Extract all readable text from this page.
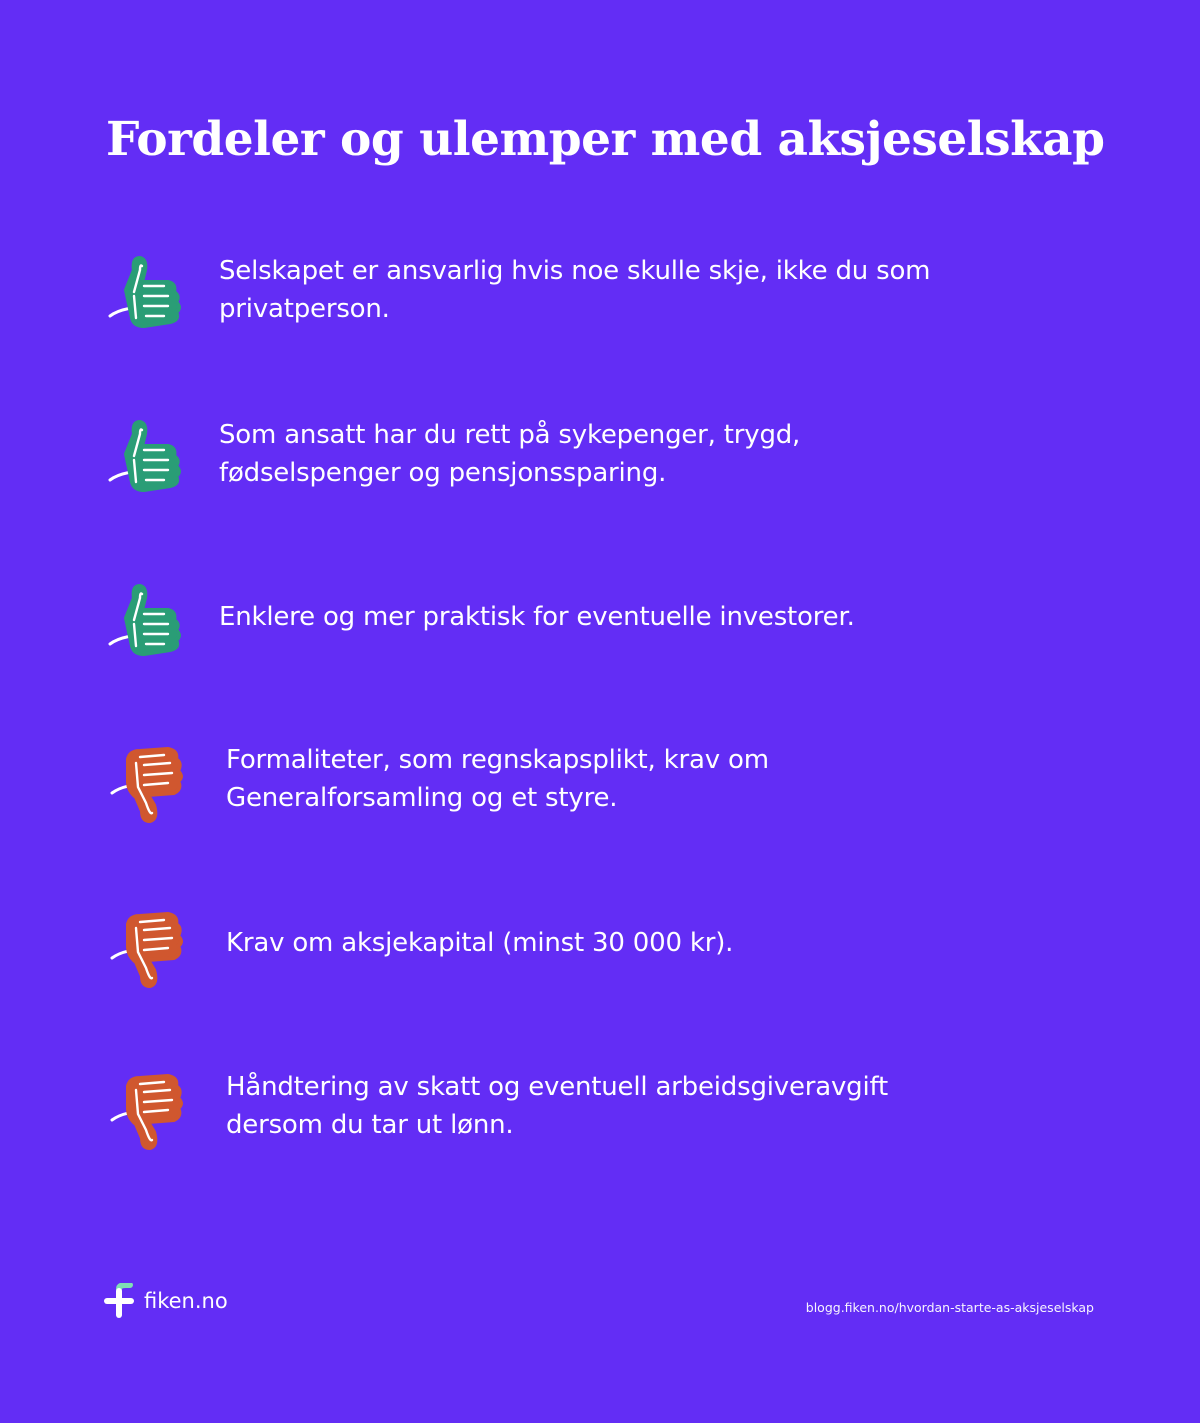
Fordeler og ulemper med aksjeselskap

Selskapet er ansvarlig hvis noe skulle skje, ikke du som privatperson.

Som ansatt har du rett på sykepenger, trygd, fødselspenger og pensjonssparing.

Enklere og mer praktisk for eventuelle investorer.

Formaliteter, som regnskapsplikt, krav om Generalforsamling og et styre.

Krav om aksjekapital (minst 30 000 kr).

Håndtering av skatt og eventuell arbeidsgiveravgift dersom du tar ut lønn.

fiken.no	blogg.fiken.no/hvordan-starte-as-aksjeselskap
